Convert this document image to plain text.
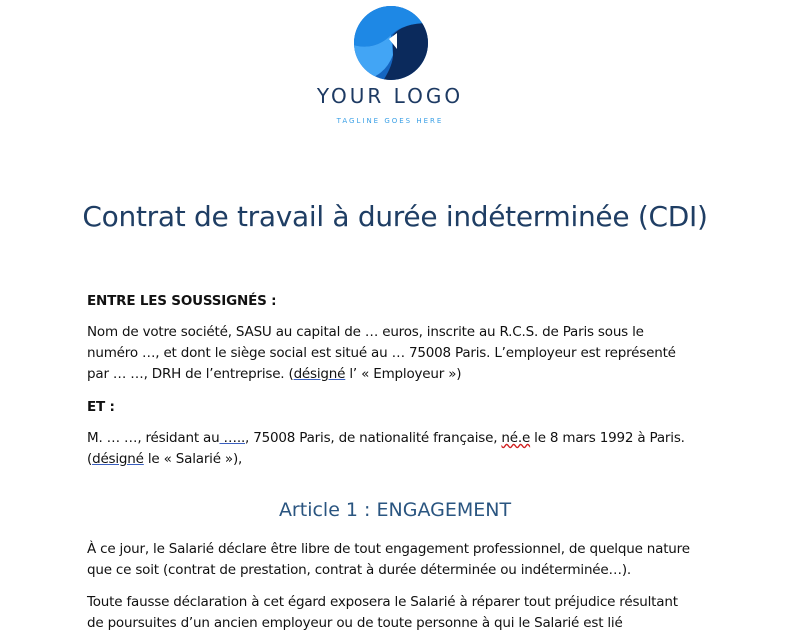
YOUR LOGO
TAGLINE GOES HERE
Contrat de travail à durée indéterminée (CDI)

ENTRE LES SOUSSIGNÉS :

Nom de votre société, SASU au capital de … euros, inscrite au R.C.S. de Paris sous le
numéro …, et dont le siège social est situé au … 75008 Paris. L’employeur est représenté
par … …, DRH de l’entreprise. (désigné l’ « Employeur »)

ET :

M. … …, résidant au ….., 75008 Paris, de nationalité française, né.e le 8 mars 1992 à Paris.
(désigné le « Salarié »),
Article 1 : ENGAGEMENT
À ce jour, le Salarié déclare être libre de tout engagement professionnel, de quelque nature
que ce soit (contrat de prestation, contrat à durée déterminée ou indéterminée…).
Toute fausse déclaration à cet égard exposera le Salarié à réparer tout préjudice résultant
de poursuites d’un ancien employeur ou de toute personne à qui le Salarié est lié
